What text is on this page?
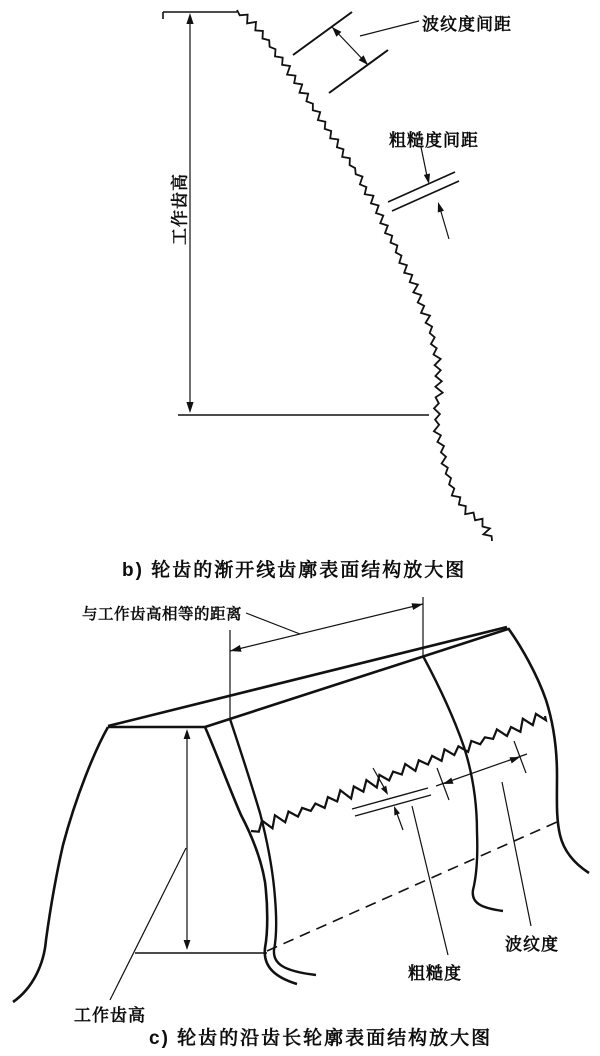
波纹度间距
粗糙度间距
工作齿高
b) 轮齿的渐开线齿廓表面结构放大图
与工作齿高相等的距离
工作齿高
粗糙度
波纹度
c) 轮齿的沿齿长轮廓表面结构放大图
